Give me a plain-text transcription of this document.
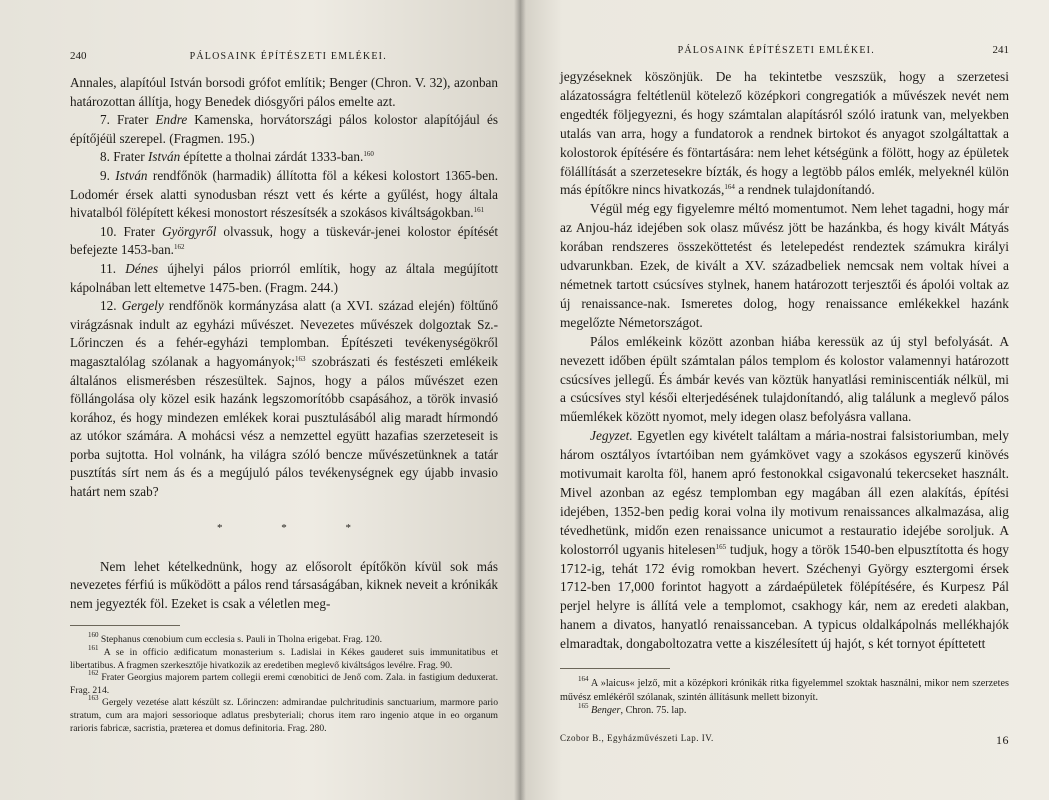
240	PÁLOSAINK ÉPÍTÉSZETI EMLÉKEI.

Annales, alapítóul István borsodi grófot említik; Benger (Chron. V. 32), azonban határozottan állítja, hogy Benedek diósgyőri pálos emelte azt.

7. Frater Endre Kamenska, horvátországi pálos kolostor alapítójául és építőjéül szerepel. (Fragmen. 195.)

8. Frater István építette a tholnai zárdát 1333-ban.$^{160}$

9. István rendfőnök (harmadik) állította föl a kékesi kolostort 1365-ben. Lodomér érsek alatti synodusban részt vett és kérte a gyűlést, hogy általa hivatalból fölépített kékesi monostort részesítsék a szokásos kiváltságokban.$^{161}$

10. Frater Györgyről olvassuk, hogy a tüskevár-jenei kolostor építését befejezte 1453-ban.$^{162}$

11. Dénes újhelyi pálos priorról említik, hogy az általa megújított kápolnában lett eltemetve 1475-ben. (Fragm. 244.)

12. Gergely rendfőnök kormányzása alatt (a XVI. század elején) föltűnő virágzásnak indult az egyházi művészet. Nevezetes művészek dolgoztak Sz.-Lőrinczen és a fehér-egyházi templomban. Építészeti tevékenységökről magasztalólag szólanak a hagyományok;$^{163}$ szobrászati és festészeti emlékeik általános elismerésben részesültek. Sajnos, hogy a pálos művészet ezen föllángolása oly közel esik hazánk legszomorítóbb csapásához, a török invasió korához, és hogy mindezen emlékek korai pusztulásából alig maradt hírmondó az utókor számára. A mohácsi vész a nemzettel együtt hazafias szerzeteseit is porba sujtotta. Hol volnánk, ha világra szóló bencze művészetünknek a tatár pusztítás sírt nem ás és a megújuló pálos tevékenységnek egy újabb invasio határt nem szab?

* * *

Nem lehet kételkednünk, hogy az elősorolt építőkön kívül sok más nevezetes férfiú is működött a pálos rend társaságában, kiknek neveit a krónikák nem jegyezték föl. Ezeket is csak a véletlen meg-

$^{160}$ Stephanus cœnobium cum ecclesia s. Pauli in Tholna erigebat. Frag. 120.

$^{161}$ A se in officio ædificatum monasterium s. Ladislai in Kékes gauderet suis immunitatibus et libertatibus. A fragmen szerkesztője hivatkozik az eredetiben meglevő kiváltságos levélre. Frag. 90.

$^{162}$ Frater Georgius majorem partem collegii eremi cœnobitici de Jenő com. Zala. in fastigium deduxerat. Frag. 214.

$^{163}$ Gergely vezetése alatt készült sz. Lőrinczen: admirandae pulchritudinis sanctuarium, marmore pario stratum, cum ara majori sessorioque adlatus presbyteriali; chorus item raro ingenio atque in eo organum rarioris fabricæ, sacristia, præterea et domus definitoria. Frag. 280.

PÁLOSAINK ÉPÍTÉSZETI EMLÉKEI.	241

jegyzéseknek köszönjük. De ha tekintetbe veszszük, hogy a szerzetesi alázatosságra feltétlenül kötelező középkori congregatiók a művészek nevét nem engedték följegyezni, és hogy számtalan alapításról szóló iratunk van, melyekben utalás van arra, hogy a fundatorok a rendnek birtokot és anyagot szolgáltattak a kolostorok építésére és föntartására: nem lehet kétségünk a fölött, hogy az épületek fölállítását a szerzetesekre bízták, és hogy a legtöbb pálos emlék, melyeknél külön más építőkre nincs hivatkozás,$^{164}$ a rendnek tulajdonítandó.

Végül még egy figyelemre méltó momentumot. Nem lehet tagadni, hogy már az Anjou-ház idejében sok olasz művész jött be hazánkba, és hogy kivált Mátyás korában rendszeres összeköttetést és letelepedést rendeztek számukra királyi udvarunkban. Ezek, de kivált a XV. századbeliek nemcsak nem voltak hívei a németnek tartott csúcsíves stylnek, hanem határozott terjesztői és ápolói voltak az új renaissance-nak. Ismeretes dolog, hogy renaissance emlékekkel hazánk megelőzte Németországot.

Pálos emlékeink között azonban hiába keressük az új styl befolyását. A nevezett időben épült számtalan pálos templom és kolostor valamennyi határozott csúcsíves jellegű. És ámbár kevés van köztük hanyatlási reminiscentiák nélkül, mi a csúcsíves styl késői elterjedésének tulajdonítandó, alig találunk a meglevő pálos műemlékek között nyomot, mely idegen olasz befolyásra vallana.

Jegyzet. Egyetlen egy kivételt találtam a mária-nostrai falsistoriumban, mely három osztályos ívtartóiban nem gyámkövet vagy a szokásos egyszerű kinövés motivumait karolta föl, hanem apró festonokkal csigavonalú tekercseket használt. Mivel azonban az egész templomban egy magában áll ezen alakítás, építési idejében, 1352-ben pedig korai volna ily motivum renaissances alkalmazása, alig tévedhetünk, midőn ezen renaissance unicumot a restauratio idejébe soroljuk. A kolostorról ugyanis hitelesen$^{165}$ tudjuk, hogy a török 1540-ben elpusztította és hogy 1712-ig, tehát 172 évig romokban hevert. Széchenyi György esztergomi érsek 1712-ben 17,000 forintot hagyott a zárdaépületek fölépítésére, és Kurpesz Pál perjel helyre is állítá vele a templomot, csakhogy kár, nem az eredeti alakban, hanem a divatos, hanyatló renaissanceban. A typicus oldalkápolnás mellékhajók elmaradtak, dongaboltozatra vette a kiszélesített új hajót, s két tornyot építtetett

$^{164}$ A »laicus« jelző, mit a középkori krónikák ritka figyelemmel szoktak használni, mikor nem szerzetes művész emlékéről szólanak, szintén állításunk mellett bizonyít.

$^{165}$ Benger, Chron. 75. lap.

Czobor B., Egyházművészeti Lap. IV.	16
